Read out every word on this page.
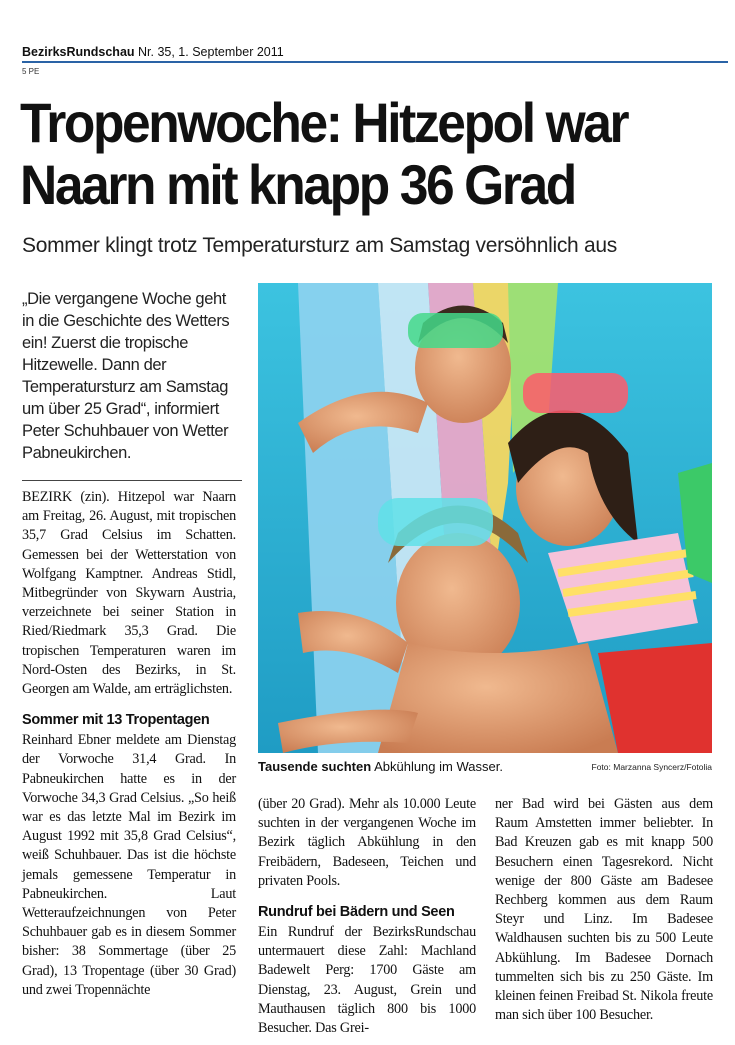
BezirksRundschau Nr. 35, 1. September 2011
5 PE
Tropenwoche: Hitzepol war Naarn mit knapp 36 Grad
Sommer klingt trotz Temperatursturz am Samstag versöhnlich aus
„Die vergangene Woche geht in die Geschichte des Wetters ein! Zuerst die tropische Hitzewelle. Dann der Temperatursturz am Samstag um über 25 Grad“, informiert Peter Schuhbauer von Wetter Pabneukirchen.

BEZIRK (zin). Hitzepol war Naarn am Freitag, 26. August, mit tropischen 35,7 Grad Celsius im Schatten. Gemessen bei der Wetterstation von Wolfgang Kamptner. Andreas Stidl, Mitbegründer von Skywarn Austria, verzeichnete bei seiner Station in Ried/Riedmark 35,3 Grad. Die tropischen Temperaturen waren im Nord-Osten des Bezirks, in St. Georgen am Walde, am erträglichsten.

Sommer mit 13 Tropentagen

Reinhard Ebner meldete am Dienstag der Vorwoche 31,4 Grad. In Pabneukirchen hatte es in der Vorwoche 34,3 Grad Celsius. „So heiß war es das letzte Mal im Bezirk im August 1992 mit 35,8 Grad Celsius“, weiß Schuhbauer. Das ist die höchste jemals gemessene Temperatur in Pabneukirchen. Laut Wetteraufzeichnungen von Peter Schuhbauer gab es in diesem Sommer bisher: 38 Sommertage (über 25 Grad), 13 Tropentage (über 30 Grad) und zwei Tropennächte

Tausende suchten Abkühlung im Wasser.	Foto: Marzanna Syncerz/Fotolia

(über 20 Grad). Mehr als 10.000 Leute suchten in der vergangenen Woche im Bezirk täglich Abkühlung in den Freibädern, Badeseen, Teichen und privaten Pools.

Rundruf bei Bädern und Seen

Ein Rundruf der BezirksRundschau untermauert diese Zahl: Machland Badewelt Perg: 1700 Gäste am Dienstag, 23. August, Grein und Mauthausen täglich 800 bis 1000 Besucher. Das Grei-

ner Bad wird bei Gästen aus dem Raum Amstetten immer beliebter. In Bad Kreuzen gab es mit knapp 500 Besuchern einen Tagesrekord. Nicht wenige der 800 Gäste am Badesee Rechberg kommen aus dem Raum Steyr und Linz. Im Badesee Waldhausen suchten bis zu 500 Leute Abkühlung. Im Badesee Dornach tummelten sich bis zu 250 Gäste. Im kleinen feinen Freibad St. Nikola freute man sich über 100 Besucher.
